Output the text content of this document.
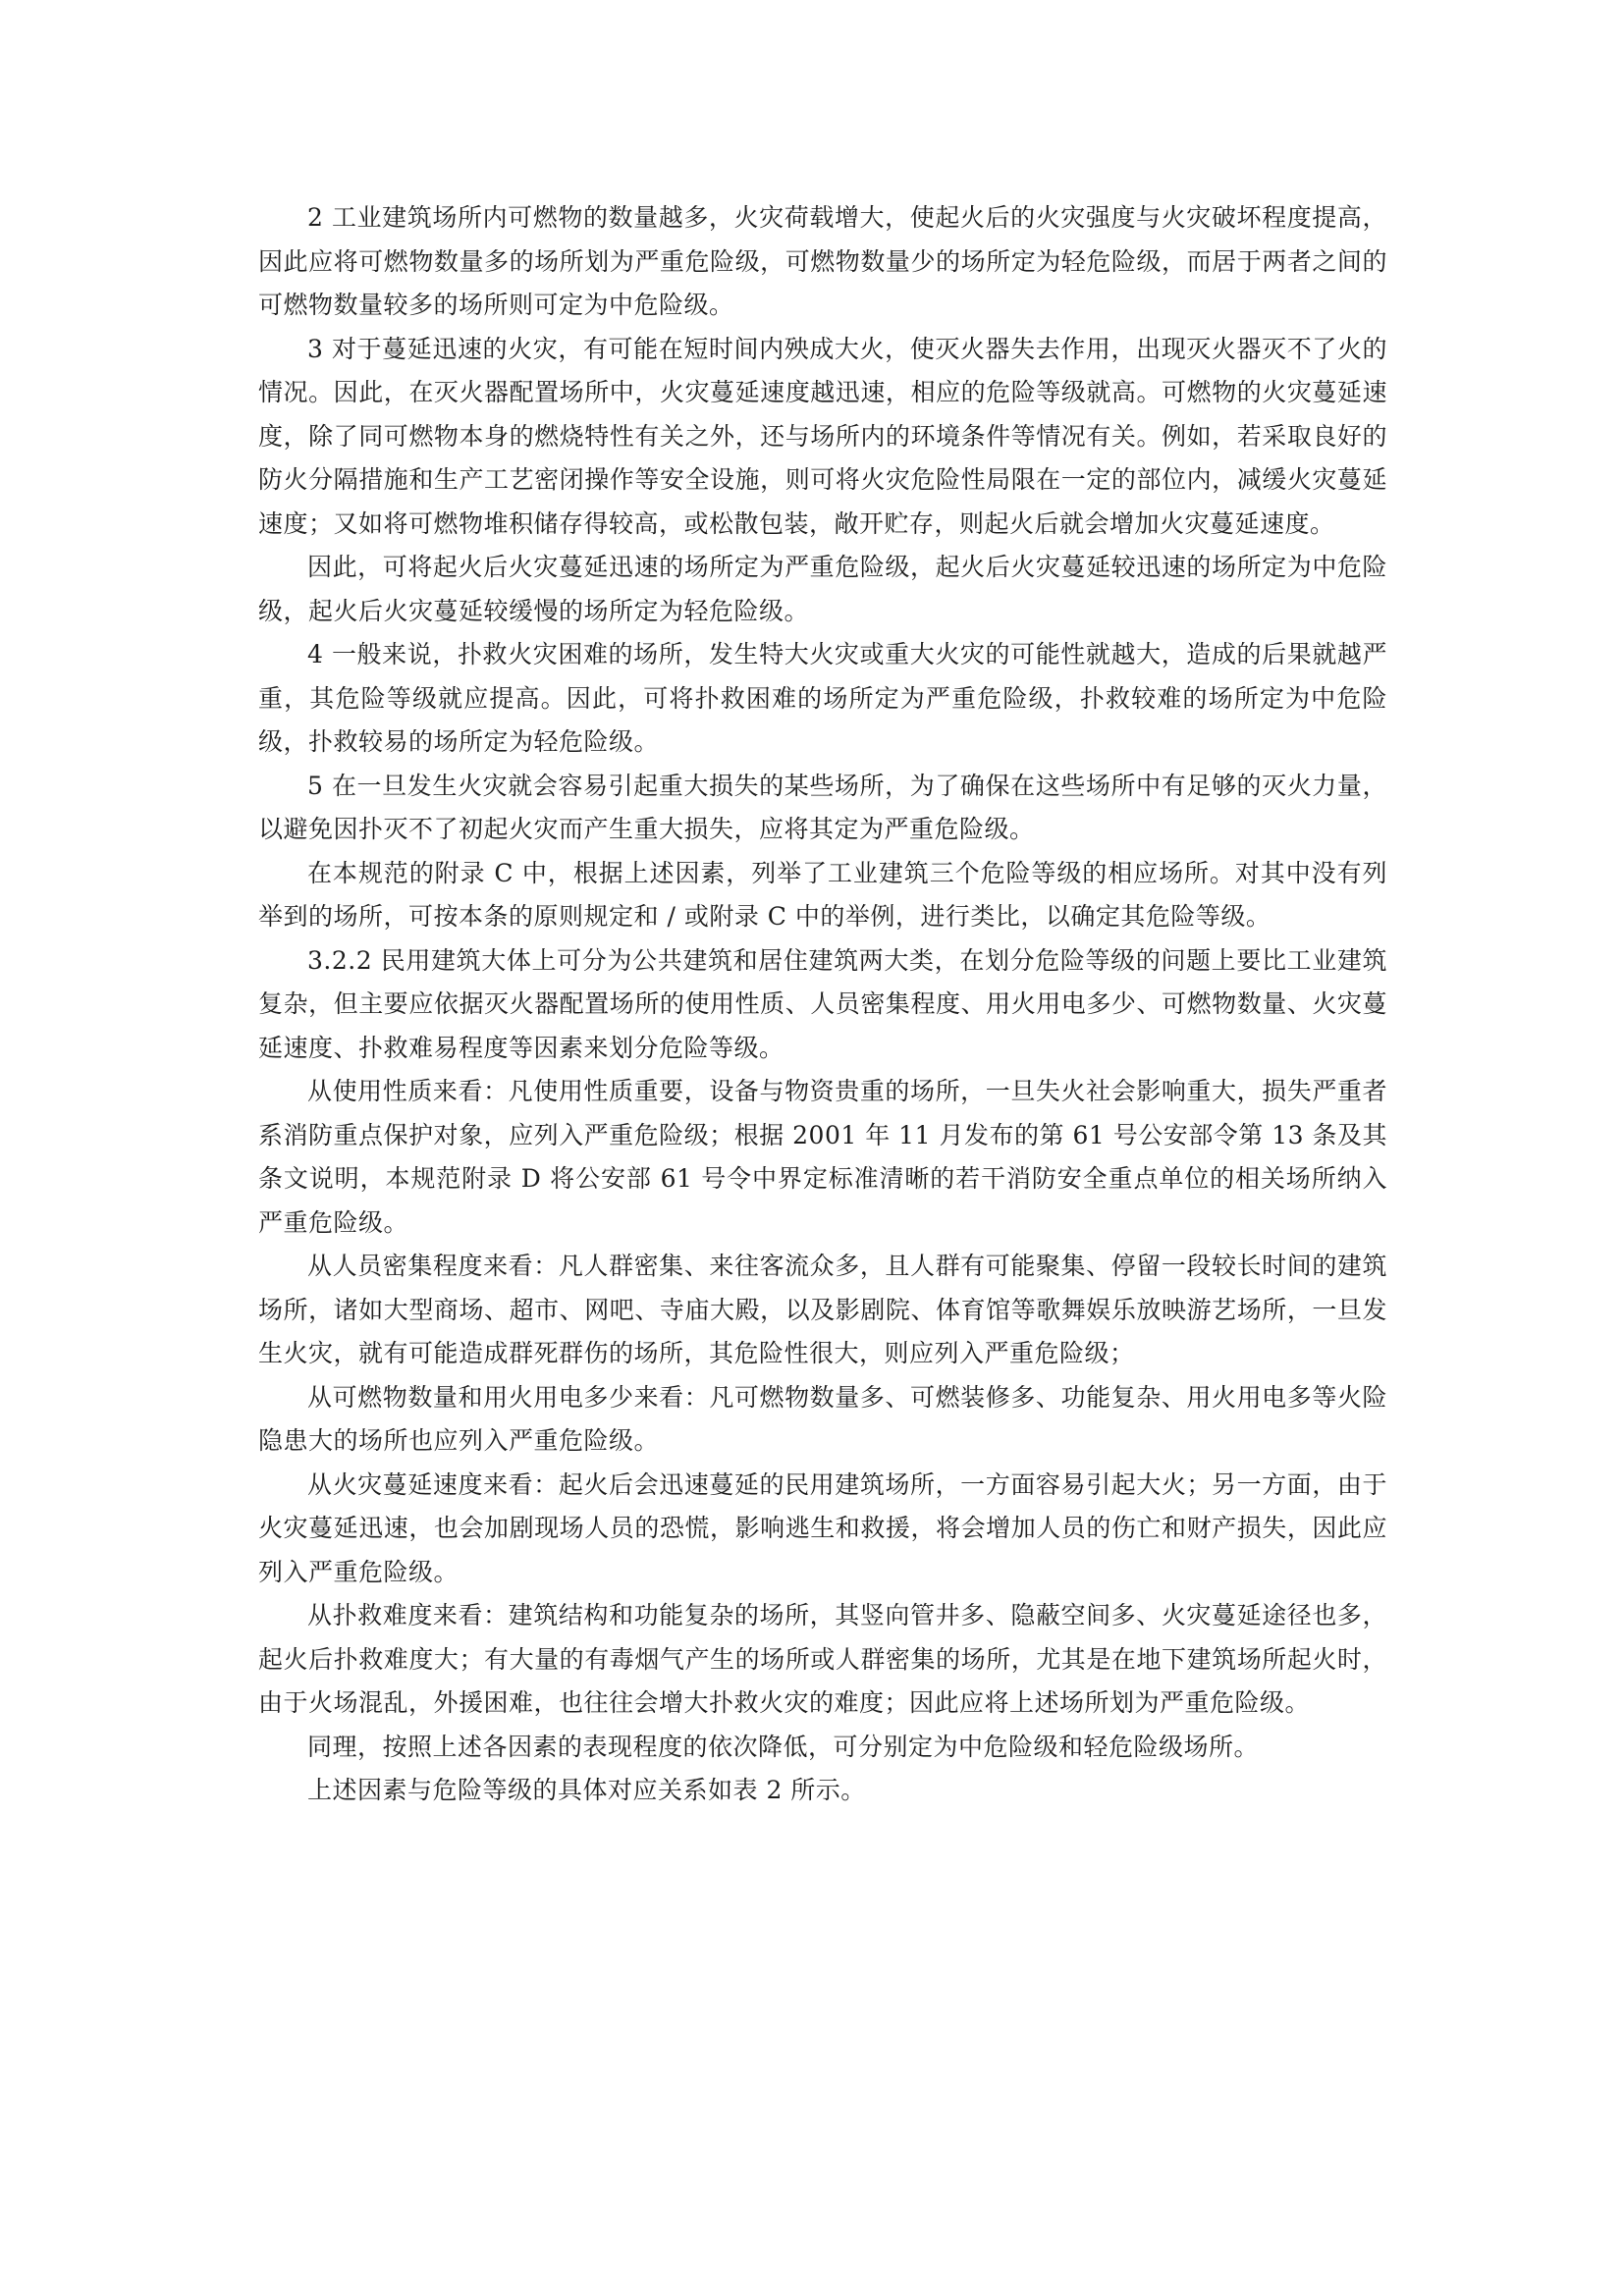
2 工业建筑场所内可燃物的数量越多，火灾荷载增大，使起火后的火灾强度与火灾破坏程度提高，因此应将可燃物数量多的场所划为严重危险级，可燃物数量少的场所定为轻危险级，而居于两者之间的可燃物数量较多的场所则可定为中危险级。

3 对于蔓延迅速的火灾，有可能在短时间内殃成大火，使灭火器失去作用，出现灭火器灭不了火的情况。因此，在灭火器配置场所中，火灾蔓延速度越迅速，相应的危险等级就高。可燃物的火灾蔓延速度，除了同可燃物本身的燃烧特性有关之外，还与场所内的环境条件等情况有关。例如，若采取良好的防火分隔措施和生产工艺密闭操作等安全设施，则可将火灾危险性局限在一定的部位内，减缓火灾蔓延速度；又如将可燃物堆积储存得较高，或松散包装，敞开贮存，则起火后就会增加火灾蔓延速度。

因此，可将起火后火灾蔓延迅速的场所定为严重危险级，起火后火灾蔓延较迅速的场所定为中危险级，起火后火灾蔓延较缓慢的场所定为轻危险级。

4 一般来说，扑救火灾困难的场所，发生特大火灾或重大火灾的可能性就越大，造成的后果就越严重，其危险等级就应提高。因此，可将扑救困难的场所定为严重危险级，扑救较难的场所定为中危险级，扑救较易的场所定为轻危险级。

5 在一旦发生火灾就会容易引起重大损失的某些场所，为了确保在这些场所中有足够的灭火力量，以避免因扑灭不了初起火灾而产生重大损失，应将其定为严重危险级。

在本规范的附录 C 中，根据上述因素，列举了工业建筑三个危险等级的相应场所。对其中没有列举到的场所，可按本条的原则规定和 / 或附录 C 中的举例，进行类比，以确定其危险等级。

3.2.2 民用建筑大体上可分为公共建筑和居住建筑两大类，在划分危险等级的问题上要比工业建筑复杂，但主要应依据灭火器配置场所的使用性质、人员密集程度、用火用电多少、可燃物数量、火灾蔓延速度、扑救难易程度等因素来划分危险等级。

从使用性质来看：凡使用性质重要，设备与物资贵重的场所，一旦失火社会影响重大，损失严重者系消防重点保护对象，应列入严重危险级；根据 2001 年 11 月发布的第 61 号公安部令第 13 条及其条文说明，本规范附录 D 将公安部 61 号令中界定标准清晰的若干消防安全重点单位的相关场所纳入严重危险级。

从人员密集程度来看：凡人群密集、来往客流众多，且人群有可能聚集、停留一段较长时间的建筑场所，诸如大型商场、超市、网吧、寺庙大殿，以及影剧院、体育馆等歌舞娱乐放映游艺场所，一旦发生火灾，就有可能造成群死群伤的场所，其危险性很大，则应列入严重危险级；

从可燃物数量和用火用电多少来看：凡可燃物数量多、可燃装修多、功能复杂、用火用电多等火险隐患大的场所也应列入严重危险级。

从火灾蔓延速度来看：起火后会迅速蔓延的民用建筑场所，一方面容易引起大火；另一方面，由于火灾蔓延迅速，也会加剧现场人员的恐慌，影响逃生和救援，将会增加人员的伤亡和财产损失，因此应列入严重危险级。

从扑救难度来看：建筑结构和功能复杂的场所，其竖向管井多、隐蔽空间多、火灾蔓延途径也多，起火后扑救难度大；有大量的有毒烟气产生的场所或人群密集的场所，尤其是在地下建筑场所起火时，由于火场混乱，外援困难，也往往会增大扑救火灾的难度；因此应将上述场所划为严重危险级。

同理，按照上述各因素的表现程度的依次降低，可分别定为中危险级和轻危险级场所。

上述因素与危险等级的具体对应关系如表 2 所示。
